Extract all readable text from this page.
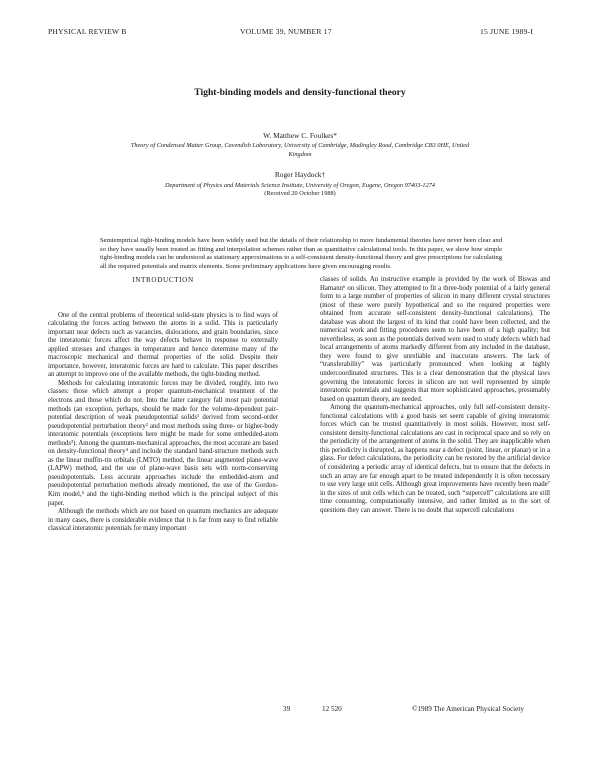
PHYSICAL REVIEW B	VOLUME 39, NUMBER 17	15 JUNE 1989-I
Tight-binding models and density-functional theory
W. Matthew C. Foulkes*
Theory of Condensed Matter Group, Cavendish Laboratory, University of Cambridge, Madingley Road, Cambridge CB3 0HE, United Kingdom
Roger Haydock†
Department of Physics and Materials Science Institute, University of Oregon, Eugene, Oregon 97403-1274
(Received 20 October 1988)
Semiempirical tight-binding models have been widely used but the details of their relationship to more fundamental theories have never been clear and so they have usually been treated as fitting and interpolation schemes rather than as quantitative calculational tools. In this paper, we show how simple tight-binding models can be understood as stationary approximations to a self-consistent density-functional theory and give prescriptions for calculating all the required potentials and matrix elements. Some preliminary applications have given encouraging results.
INTRODUCTION

One of the central problems of theoretical solid-state physics is to find ways of calculating the forces acting between the atoms in a solid. This is particularly important near defects such as vacancies, dislocations, and grain boundaries, since the interatomic forces affect the way defects behave in response to externally applied stresses and changes in temperature and hence determine many of the macroscopic mechanical and thermal properties of the solid. Despite their importance, however, interatomic forces are hard to calculate. This paper describes an attempt to improve one of the available methods, the tight-binding method.

Methods for calculating interatomic forces may be divided, roughly, into two classes: those which attempt a proper quantum-mechanical treatment of the electrons and those which do not. Into the latter category fall most pair potential methods (an exception, perhaps, should be made for the volume-dependent pair-potential description of weak pseudopotential solids¹ derived from second-order pseudopotential perturbation theory² and most methods using three- or higher-body interatomic potentials (exceptions here might be made for some embedded-atom methods³). Among the quantum-mechanical approaches, the most accurate are based on density-functional theory⁴ and include the standard band-structure methods such as the linear muffin-tin orbitals (LMTO) method, the linear augmented plane-wave (LAPW) method, and the use of plane-wave basis sets with norm-conserving pseudopotentials. Less accurate approaches include the embedded-atom and pseudopotential perturbation methods already mentioned, the use of the Gordon-Kim model,⁵ and the tight-binding method which is the principal subject of this paper.

Although the methods which are not based on quantum mechanics are adequate in many cases, there is considerable evidence that it is far from easy to find reliable classical interatomic potentials for many important

classes of solids. An instructive example is provided by the work of Biswas and Hamann⁶ on silicon. They attempted to fit a three-body potential of a fairly general form to a large number of properties of silicon in many different crystal structures (most of these were purely hypothetical and so the required properties were obtained from accurate self-consistent density-functional calculations). The database was about the largest of its kind that could have been collected, and the numerical work and fitting procedures seem to have been of a high quality; but nevertheless, as soon as the potentials derived were used to study defects which had local arrangements of atoms markedly different from any included in the database, they were found to give unreliable and inaccurate answers. The lack of “transferability” was particularly pronounced when looking at highly undercoordinated structures. This is a clear demonstration that the physical laws governing the interatomic forces in silicon are not well represented by simple interatomic potentials and suggests that more sophisticated approaches, presumably based on quantum theory, are needed.

Among the quantum-mechanical approaches, only full self-consistent density-functional calculations with a good basis set seem capable of giving interatomic forces which can be trusted quantitatively in most solids. However, most self-consistent density-functional calculations are cast in reciprocal space and so rely on the periodicity of the arrangement of atoms in the solid. They are inapplicable when this periodicity is disrupted, as happens near a defect (point, linear, or planar) or in a glass. For defect calculations, the periodicity can be restored by the artificial device of considering a periodic array of identical defects, but to ensure that the defects in such an array are far enough apart to be treated independently it is often necessary to use very large unit cells. Although great improvements have recently been made⁷ in the sizes of unit cells which can be treated, such “supercell” calculations are still time consuming, computationally intensive, and rather limited as to the sort of questions they can answer. There is no doubt that supercell calculations

39	12 520	©1989 The American Physical Society
